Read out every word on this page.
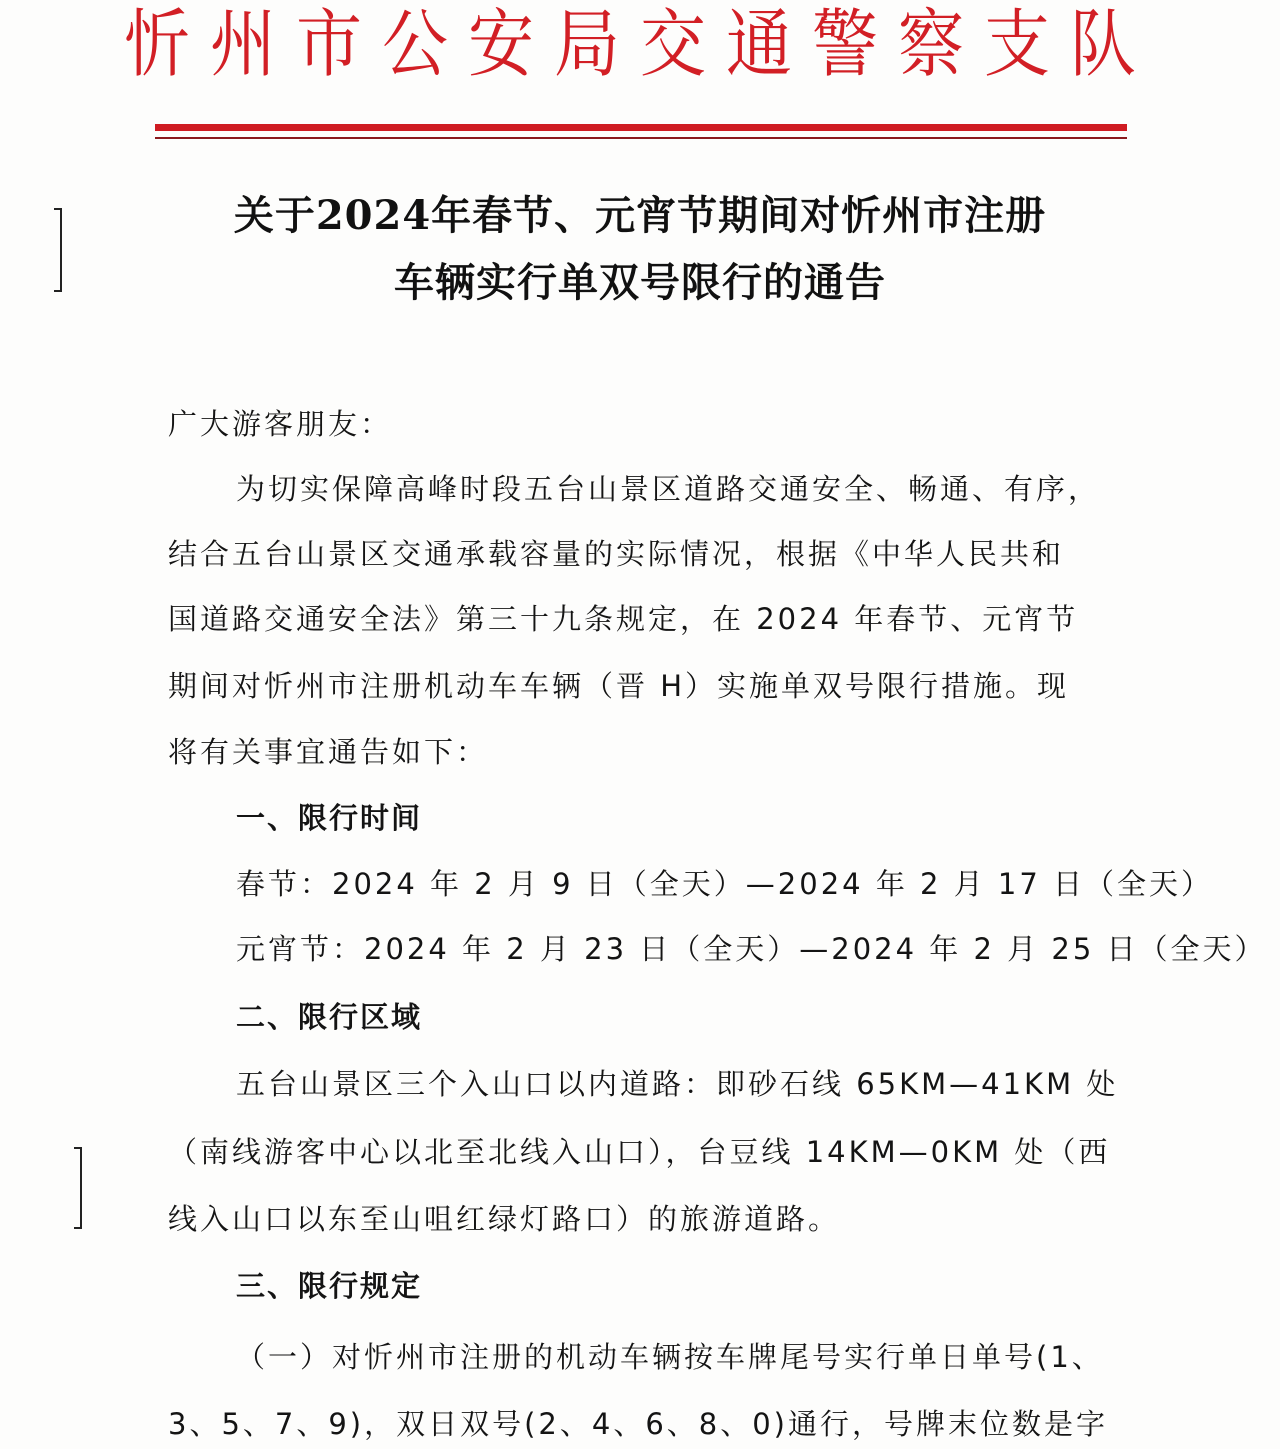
忻州市公安局交通警察支队
关于2024年春节、元宵节期间对忻州市注册
车辆实行单双号限行的通告
广大游客朋友：
为切实保障高峰时段五台山景区道路交通安全、畅通、有序，
结合五台山景区交通承载容量的实际情况，根据《中华人民共和
国道路交通安全法》第三十九条规定，在 2024 年春节、元宵节
期间对忻州市注册机动车车辆（晋 H）实施单双号限行措施。现
将有关事宜通告如下：
一、限行时间
春节：2024 年 2 月 9 日（全天）—2024 年 2 月 17 日（全天）
元宵节：2024 年 2 月 23 日（全天）—2024 年 2 月 25 日（全天）
二、限行区域
五台山景区三个入山口以内道路：即砂石线 65KM—41KM 处
（南线游客中心以北至北线入山口），台豆线 14KM—0KM 处（西
线入山口以东至山咀红绿灯路口）的旅游道路。
三、限行规定
（一）对忻州市注册的机动车辆按车牌尾号实行单日单号(1、
3、5、7、9)，双日双号(2、4、6、8、0)通行，号牌末位数是字
